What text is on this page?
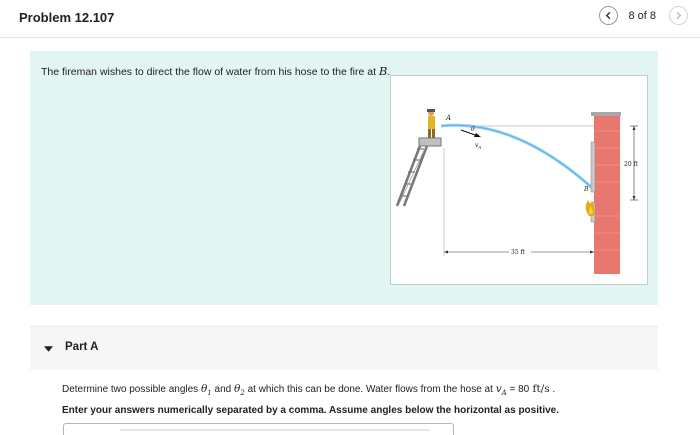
Problem 12.107	8 of 8
The fireman wishes to direct the flow of water from his hose to the fire at B.
A
θ
$v_A$
B
20 ft
35 ft
Part A
Determine two possible angles $\theta_1$ and $\theta_2$ at which this can be done. Water flows from the hose at $v_A = 80$ ft/s .
Enter your answers numerically separated by a comma. Assume angles below the horizontal as positive.
